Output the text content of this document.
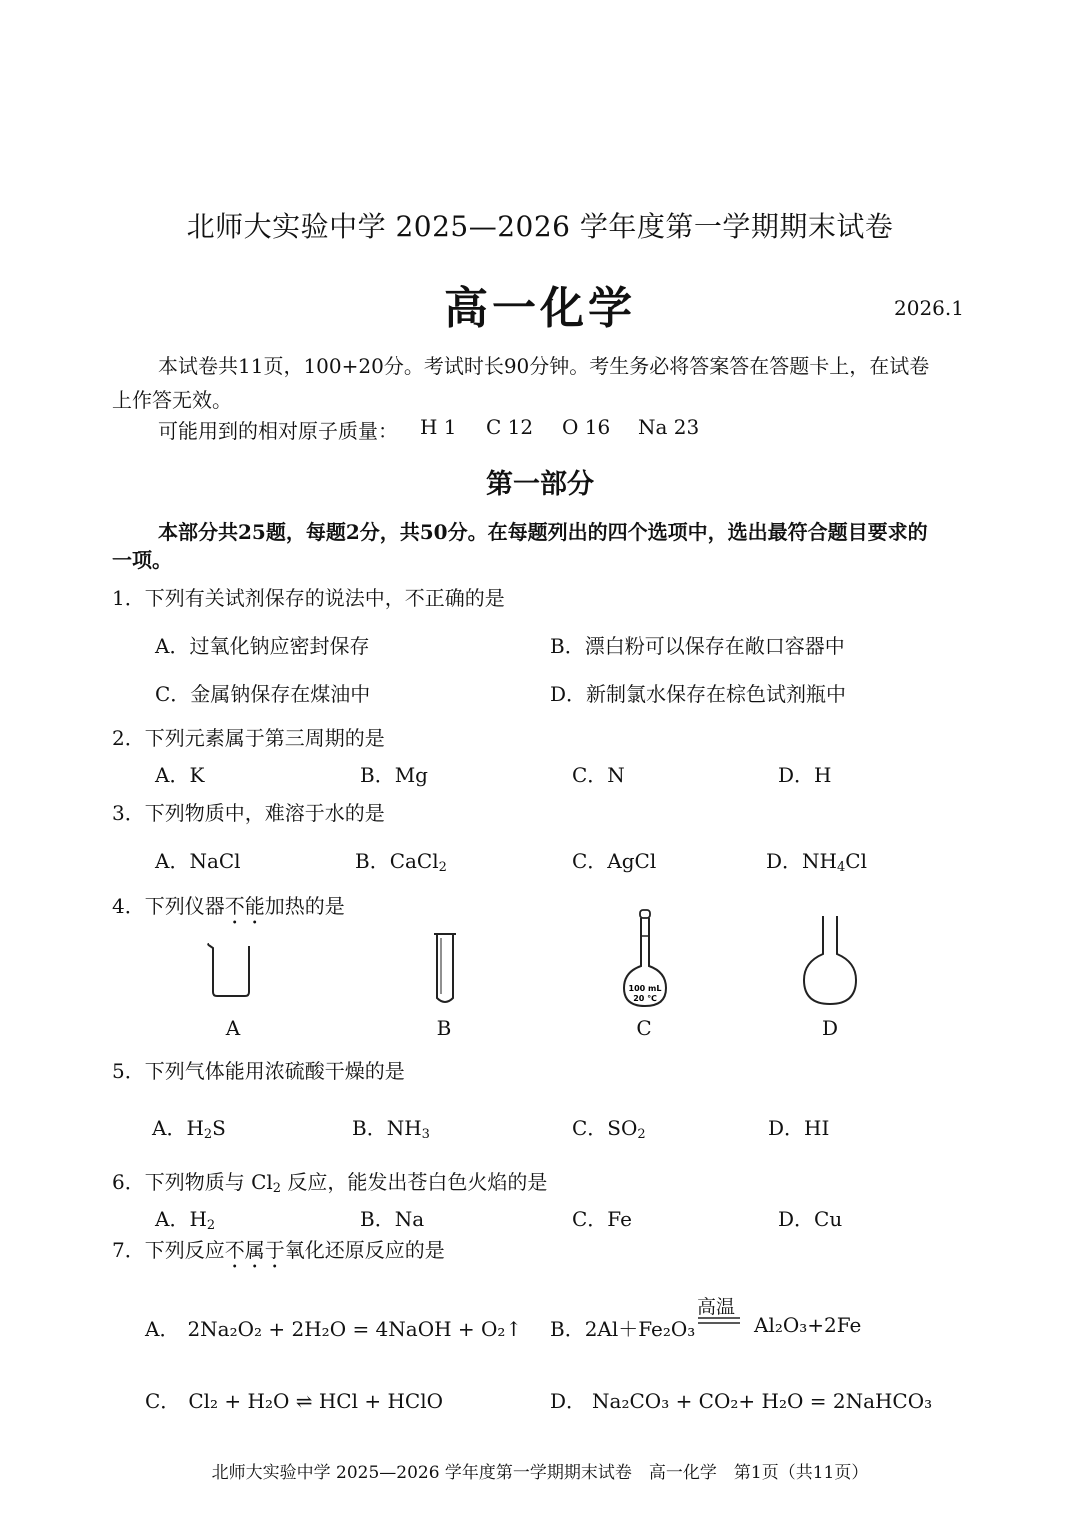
北师大实验中学 2025—2026 学年度第一学期期末试卷
高一化学	2026.1
本试卷共11页，100+20分。考试时长90分钟。考生务必将答案答在答题卡上，在试卷
上作答无效。
可能用到的相对原子质量： H 1 C 12 O 16 Na 23
第一部分
本部分共25题，每题2分，共50分。在每题列出的四个选项中，选出最符合题目要求的
一项。
1．下列有关试剂保存的说法中，不正确的是
A．过氧化钠应密封保存	B．漂白粉可以保存在敞口容器中
C．金属钠保存在煤油中	D．新制氯水保存在棕色试剂瓶中
2．下列元素属于第三周期的是
A．K	B．Mg	C．N	D．H
3．下列物质中，难溶于水的是
A．NaCl	B．CaCl$_2$	C．AgCl	D．$NH_4Cl$
4．下列仪器不能加热的是
100 mL
20 ℃
A	B	C	D
5．下列气体能用浓硫酸干燥的是
A．$H_2S$	B．$NH_3$	C．$SO_2$	D．HI
6．下列物质与 $Cl_2$ 反应，能发出苍白色火焰的是
A．$H_2$	B．Na	C．Fe	D．Cu
7．下列反应不属于氧化还原反应的是
A． 2Na₂O₂ + 2H₂O = 4NaOH + O₂↑ B．2Al＋Fe₂O₃
高温
Al₂O₃+2Fe
C． Cl₂ + H₂O ⇌ HCl + HClO	D． Na₂CO₃ + CO₂+ H₂O = 2NaHCO₃
北师大实验中学 2025—2026 学年度第一学期期末试卷　高一化学　第1页（共11页）
